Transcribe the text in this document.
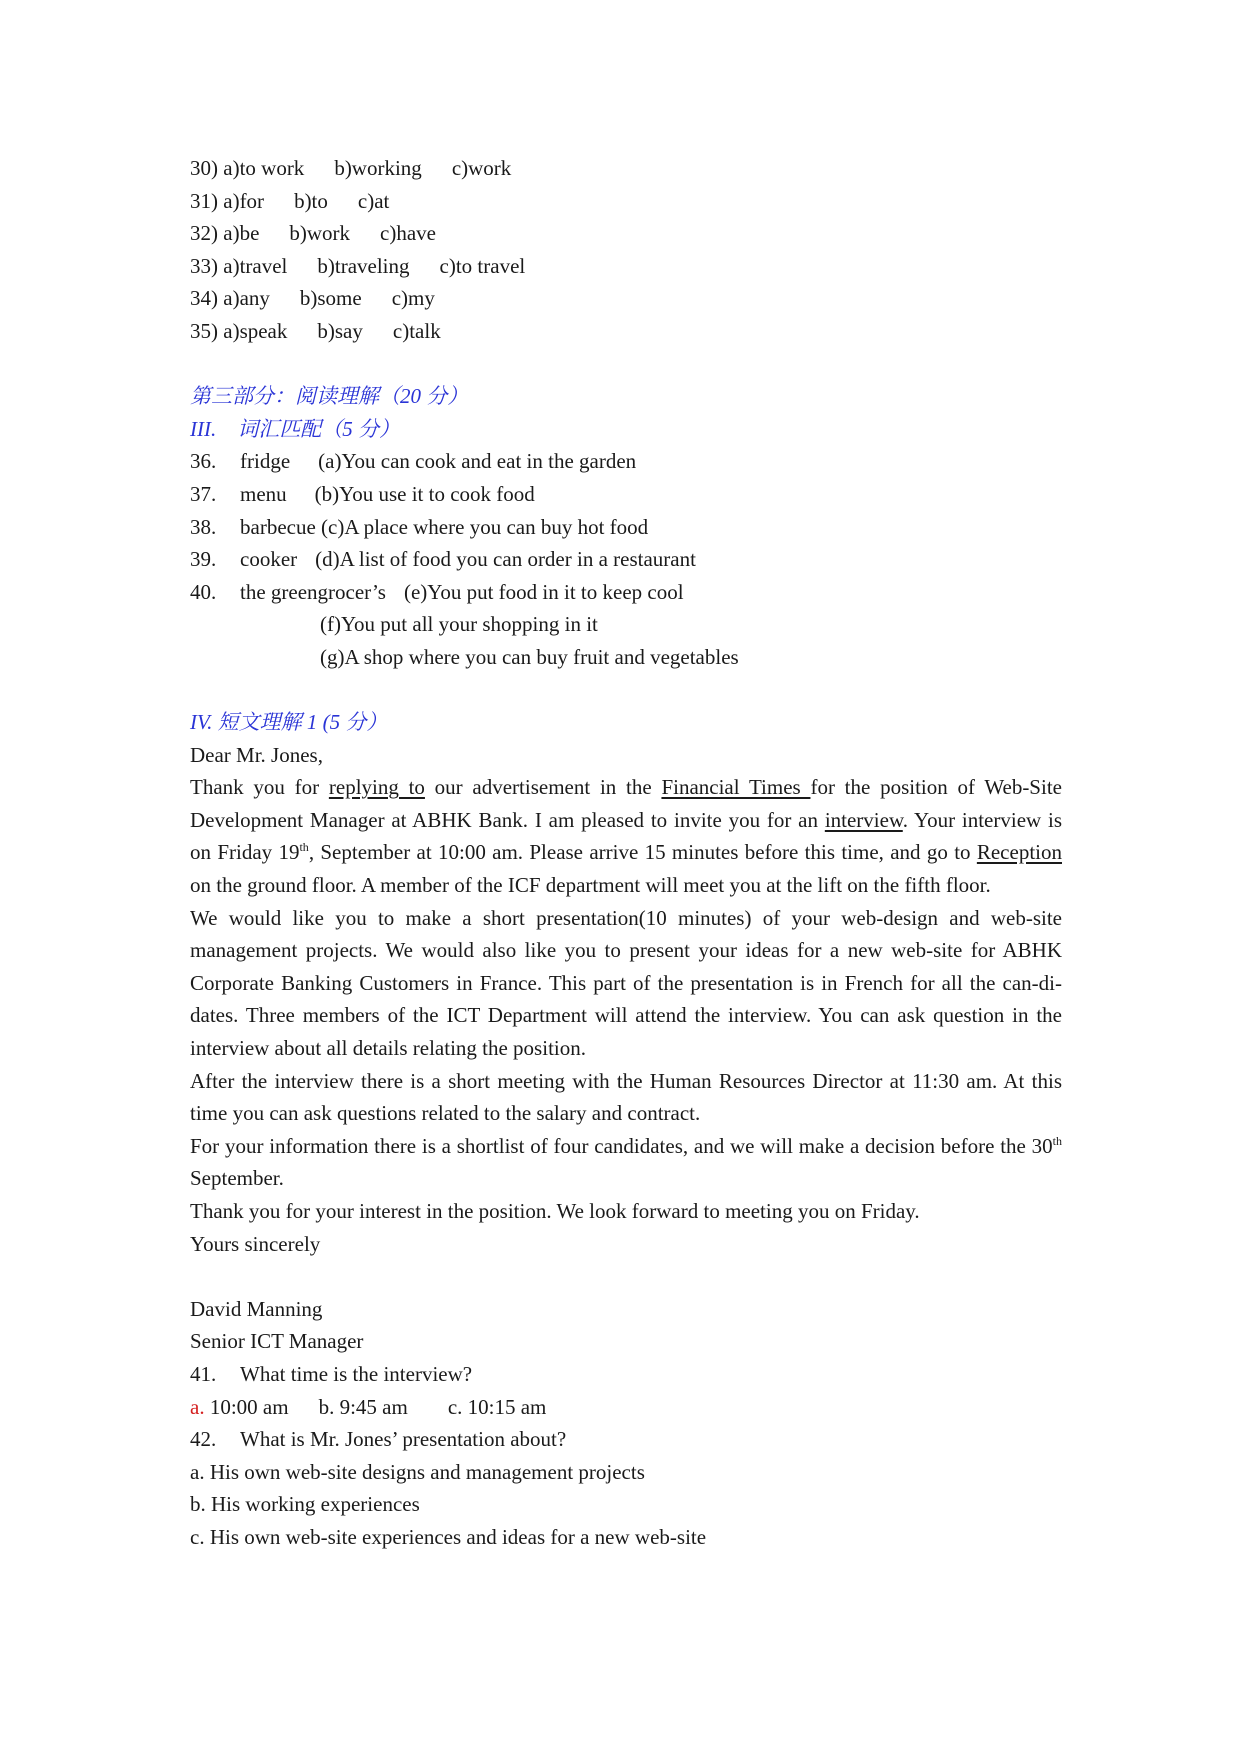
30) a)to work b)working c)work
31) a)for b)to c)at
32) a)be b)work c)have
33) a)travel b)traveling c)to travel
34) a)any b)some c)my
35) a)speak b)say c)talk
第三部分：阅读理解（20 分）
III.　词汇匹配（5 分）
36. fridge (a)You can cook and eat in the garden
37. menu (b)You use it to cook food
38. barbecue (c)A place where you can buy hot food
39. cooker (d)A list of food you can order in a restaurant
40. the greengrocer’s (e)You put food in it to keep cool
(f)You put all your shopping in it
(g)A shop where you can buy fruit and vegetables
IV. 短文理解 1 (5 分）
Dear Mr. Jones,
Thank you for replying to our advertisement in the Financial Times for the position of Web-Site Development Manager at ABHK Bank. I am pleased to invite you for an interview. Your interview is on Friday 19th, September at 10:00 am. Please arrive 15 minutes before this time, and go to Reception on the ground floor. A member of the ICF department will meet you at the lift on the fifth floor.
We would like you to make a short presentation(10 minutes) of your web-design and web-site management projects. We would also like you to present your ideas for a new web-site for ABHK Corporate Banking Customers in France. This part of the presentation is in French for all the can-di-dates. Three members of the ICT Department will attend the interview. You can ask question in the interview about all details relating the position.
After the interview there is a short meeting with the Human Resources Director at 11:30 am. At this time you can ask questions related to the salary and contract.
For your information there is a shortlist of four candidates, and we will make a decision before the 30th September.
Thank you for your interest in the position. We look forward to meeting you on Friday.
Yours sincerely
David Manning
Senior ICT Manager
41. What time is the interview?
a. 10:00 am b. 9:45 am c. 10:15 am
42. What is Mr. Jones’ presentation about?
a. His own web-site designs and management projects
b. His working experiences
c. His own web-site experiences and ideas for a new web-site
